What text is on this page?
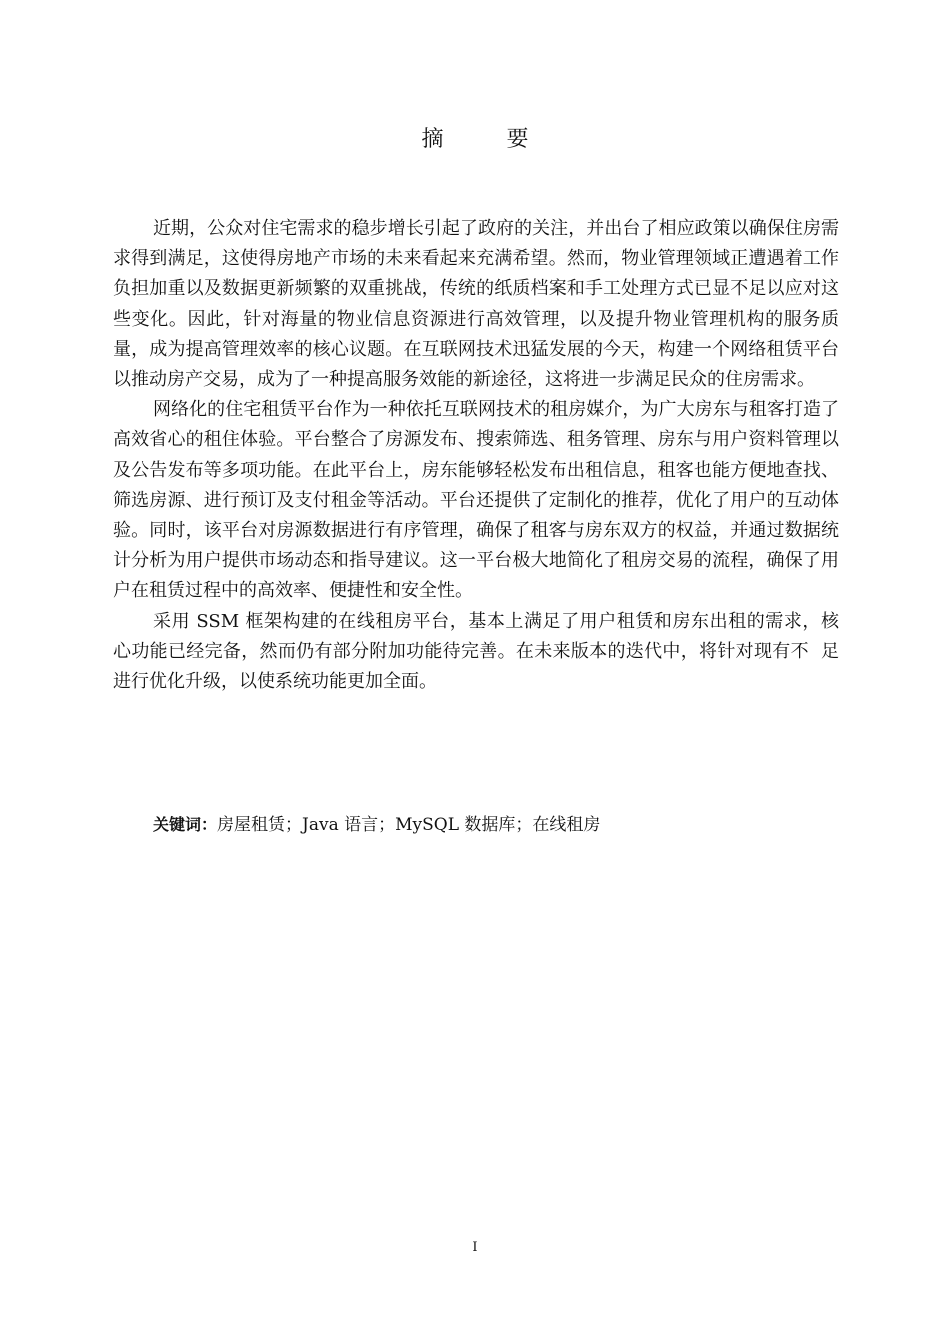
摘 要

近期，公众对住宅需求的稳步增长引起了政府的关注，并出台了相应政策以确保住房需求得到满足，这使得房地产市场的未来看起来充满希望。然而，物业管理领域正遭遇着工作负担加重以及数据更新频繁的双重挑战，传统的纸质档案和手工处理方式已显不足以应对这些变化。因此，针对海量的物业信息资源进行高效管理，以及提升物业管理机构的服务质量，成为提高管理效率的核心议题。在互联网技术迅猛发展的今天，构建一个网络租赁平台以推动房产交易，成为了一种提高服务效能的新途径，这将进一步满足民众的住房需求。

网络化的住宅租赁平台作为一种依托互联网技术的租房媒介，为广大房东与租客打造了高效省心的租住体验。平台整合了房源发布、搜索筛选、租务管理、房东与用户资料管理以及公告发布等多项功能。在此平台上，房东能够轻松发布出租信息，租客也能方便地查找、筛选房源、进行预订及支付租金等活动。平台还提供了定制化的推荐，优化了用户的互动体验。同时，该平台对房源数据进行有序管理，确保了租客与房东双方的权益，并通过数据统计分析为用户提供市场动态和指导建议。这一平台极大地简化了租房交易的流程，确保了用户在租赁过程中的高效率、便捷性和安全性。

采用 SSM 框架构建的在线租房平台，基本上满足了用户租赁和房东出租的需求，核  心功能已经完备，然而仍有部分附加功能待完善。在未来版本的迭代中，将针对现有不  足进行优化升级，以使系统功能更加全面。

关键词：房屋租赁；Java 语言；MySQL 数据库；在线租房
I
